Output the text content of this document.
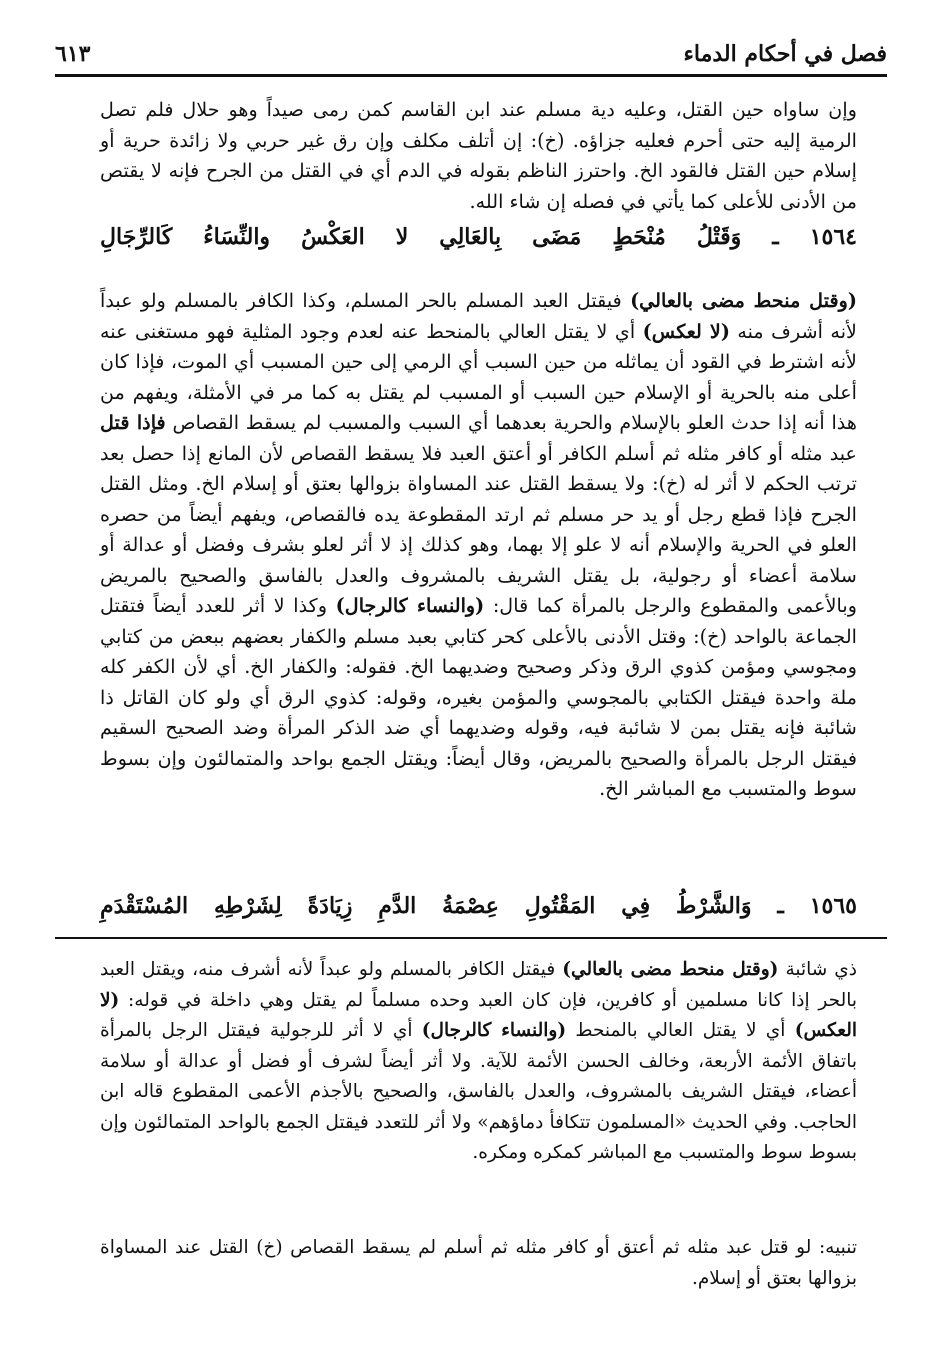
فصل في أحكام الدماء
٦١٣

وإن ساواه حين القتل، وعليه دية مسلم عند ابن القاسم كمن رمى صيداً وهو حلال فلم تصل الرمية إليه حتى أحرم فعليه جزاؤه. (خ): إن أتلف مكلف وإن رق غير حربي ولا زائدة حرية أو إسلام حين القتل فالقود الخ. واحترز الناظم بقوله في الدم أي في القتل من الجرح فإنه لا يقتص من الأدنى للأعلى كما يأتي في فصله إن شاء الله.

١٥٦٤ ـ وَقَتْلُ مُنْحَطٍ مَضَى بِالعَالِي لا العَكْسُ والنِّسَاءُ كَالرِّجَالِ

(وقتل منحط مضى بالعالي) فيقتل العبد المسلم بالحر المسلم، وكذا الكافر بالمسلم ولو عبداً لأنه أشرف منه (لا لعكس) أي لا يقتل العالي بالمنحط عنه لعدم وجود المثلية فهو مستغنى عنه لأنه اشترط في القود أن يماثله من حين السبب أي الرمي إلى حين المسبب أي الموت، فإذا كان أعلى منه بالحرية أو الإسلام حين السبب أو المسبب لم يقتل به كما مر في الأمثلة، ويفهم من هذا أنه إذا حدث العلو بالإسلام والحرية بعدهما أي السبب والمسبب لم يسقط القصاص فإذا قتل عبد مثله أو كافر مثله ثم أسلم الكافر أو أعتق العبد فلا يسقط القصاص لأن المانع إذا حصل بعد ترتب الحكم لا أثر له (خ): ولا يسقط القتل عند المساواة بزوالها بعتق أو إسلام الخ. ومثل القتل الجرح فإذا قطع رجل أو يد حر مسلم ثم ارتد المقطوعة يده فالقصاص، ويفهم أيضاً من حصره العلو في الحرية والإسلام أنه لا علو إلا بهما، وهو كذلك إذ لا أثر لعلو بشرف وفضل أو عدالة أو سلامة أعضاء أو رجولية، بل يقتل الشريف بالمشروف والعدل بالفاسق والصحيح بالمريض وبالأعمى والمقطوع والرجل بالمرأة كما قال: (والنساء كالرجال) وكذا لا أثر للعدد أيضاً فتقتل الجماعة بالواحد (خ): وقتل الأدنى بالأعلى كحر كتابي بعبد مسلم والكفار بعضهم ببعض من كتابي ومجوسي ومؤمن كذوي الرق وذكر وصحيح وضديهما الخ. فقوله: والكفار الخ. أي لأن الكفر كله ملة واحدة فيقتل الكتابي بالمجوسي والمؤمن بغيره، وقوله: كذوي الرق أي ولو كان القاتل ذا شائبة فإنه يقتل بمن لا شائبة فيه، وقوله وضديهما أي ضد الذكر المرأة وضد الصحيح السقيم فيقتل الرجل بالمرأة والصحيح بالمريض، وقال أيضاً: ويقتل الجمع بواحد والمتمالئون وإن بسوط سوط والمتسبب مع المباشر الخ.

١٥٦٥ ـ وَالشَّرْطُ فِي المَقْتُولِ عِصْمَةُ الدَّمِ زِيَادَةً لِشَرْطِهِ المُسْتَقْدَمِ

ذي شائبة (وقتل منحط مضى بالعالي) فيقتل الكافر بالمسلم ولو عبداً لأنه أشرف منه، ويقتل العبد بالحر إذا كانا مسلمين أو كافرين، فإن كان العبد وحده مسلماً لم يقتل وهي داخلة في قوله: (لا العكس) أي لا يقتل العالي بالمنحط (والنساء كالرجال) أي لا أثر للرجولية فيقتل الرجل بالمرأة باتفاق الأئمة الأربعة، وخالف الحسن الأئمة للآية. ولا أثر أيضاً لشرف أو فضل أو عدالة أو سلامة أعضاء، فيقتل الشريف بالمشروف، والعدل بالفاسق، والصحيح بالأجذم الأعمى المقطوع قاله ابن الحاجب. وفي الحديث «المسلمون تتكافأ دماؤهم» ولا أثر للتعدد فيقتل الجمع بالواحد المتمالئون وإن بسوط سوط والمتسبب مع المباشر كمكره ومكره.

تنبيه: لو قتل عبد مثله ثم أعتق أو كافر مثله ثم أسلم لم يسقط القصاص (خ) القتل عند المساواة بزوالها بعتق أو إسلام.
